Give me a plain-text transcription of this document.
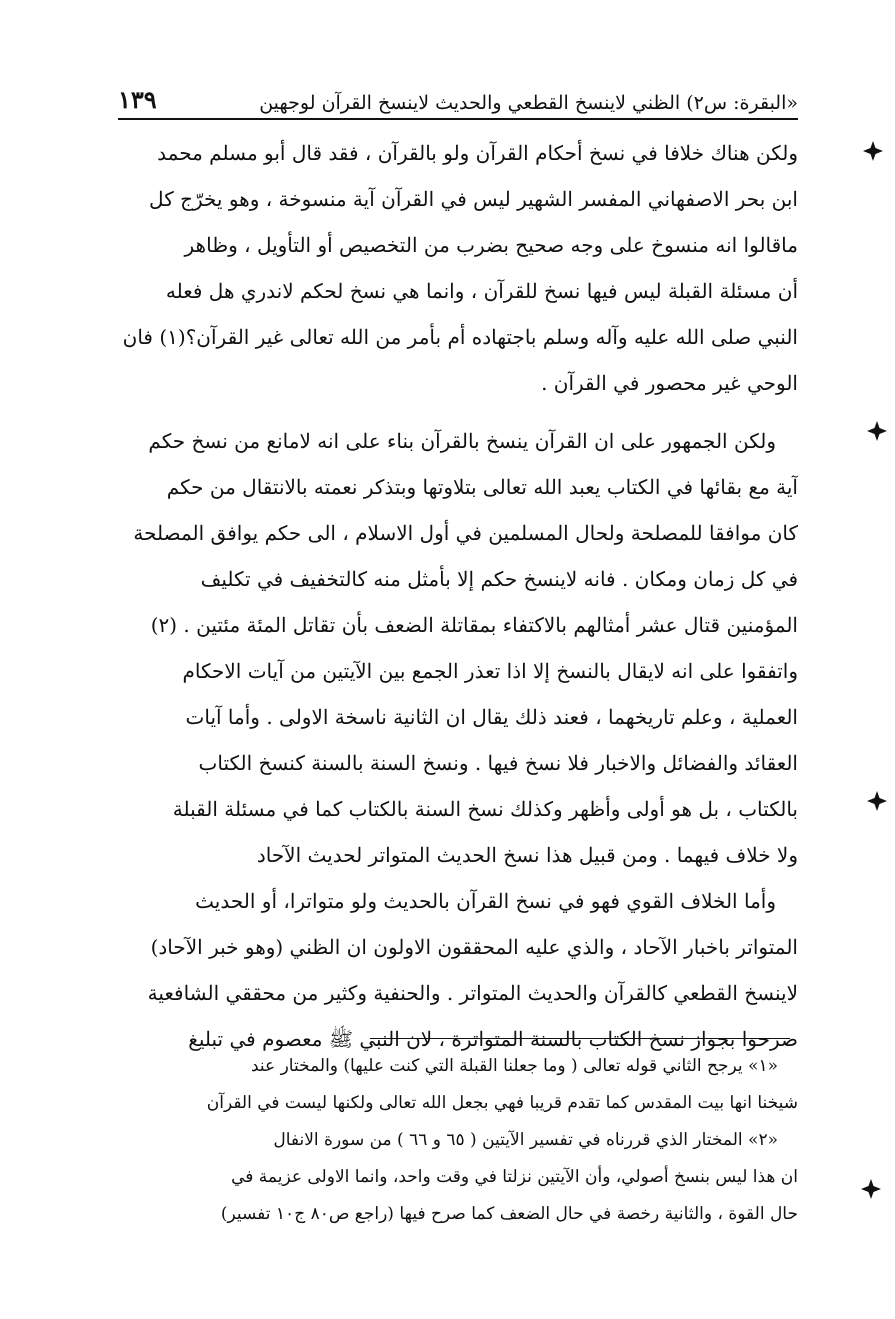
«البقرة: س٢) الظني لاينسخ القطعي والحديث لاينسخ القرآن لوجهين
١٣٩
ولكن هناك خلافا في نسخ أحكام القرآن ولو بالقرآن ، فقد قال أبو مسلم محمد
ابن بحر الاصفهاني المفسر الشهير ليس في القرآن آية منسوخة ، وهو يخرّج كل
ماقالوا انه منسوخ على وجه صحيح بضرب من التخصيص أو التأويل ، وظاهر
أن مسئلة القبلة ليس فيها نسخ للقرآن ، وانما هي نسخ لحكم لاندري هل فعله
النبي صلى الله عليه وآله وسلم باجتهاده أم بأمر من الله تعالى غير القرآن؟(١) فان
الوحي غير محصور في القرآن .
ولكن الجمهور على ان القرآن ينسخ بالقرآن بناء على انه لامانع من نسخ حكم
آية مع بقائها في الكتاب يعبد الله تعالى بتلاوتها وبتذكر نعمته بالانتقال من حكم
كان موافقا للمصلحة ولحال المسلمين في أول الاسلام ، الى حكم يوافق المصلحة
في كل زمان ومكان . فانه لاينسخ حكم إلا بأمثل منه كالتخفيف في تكليف
المؤمنين قتال عشر أمثالهم بالاكتفاء بمقاتلة الضعف بأن تقاتل المئة مئتين . (٢)
واتفقوا على انه لايقال بالنسخ إلا اذا تعذر الجمع بين الآيتين من آيات الاحكام
العملية ، وعلم تاريخهما ، فعند ذلك يقال ان الثانية ناسخة الاولى . وأما آيات
العقائد والفضائل والاخبار فلا نسخ فيها . ونسخ السنة بالسنة كنسخ الكتاب
بالكتاب ، بل هو أولى وأظهر وكذلك نسخ السنة بالكتاب كما في مسئلة القبلة
ولا خلاف فيهما . ومن قبيل هذا نسخ الحديث المتواتر لحديث الآحاد
وأما الخلاف القوي فهو في نسخ القرآن بالحديث ولو متواترا، أو الحديث
المتواتر باخبار الآحاد ، والذي عليه المحققون الاولون ان الظني (وهو خبر الآحاد)
لاينسخ القطعي كالقرآن والحديث المتواتر . والحنفية وكثير من محققي الشافعية
صرحوا بجواز نسخ الكتاب بالسنة المتواترة ، لان النبي ﷺ معصوم في تبليغ
«١» يرجح الثاني قوله تعالى ( وما جعلنا القبلة التي كنت عليها) والمختار عند
شيخنا انها بيت المقدس كما تقدم قريبا فهي بجعل الله تعالى ولكنها ليست في القرآن
«٢» المختار الذي قررناه في تفسير الآيتين ( ٦٥ و ٦٦ ) من سورة الانفال
ان هذا ليس بنسخ أصولي، وأن الآيتين نزلتا في وقت واحد، وانما الاولى عزيمة في
حال القوة ، والثانية رخصة في حال الضعف كما صرح فيها (راجع ص٨٠ ج١٠ تفسير)
